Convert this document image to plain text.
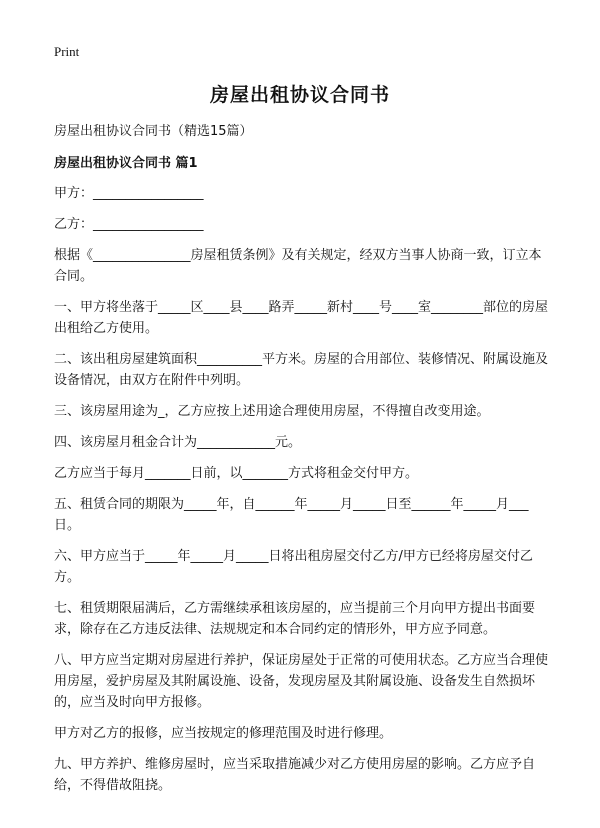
Print
房屋出租协议合同书

房屋出租协议合同书（精选15篇）

房屋出租协议合同书 篇1

甲方：_________________

乙方：_________________

根据《_______________房屋租赁条例》及有关规定，经双方当事人协商一致，订立本合同。

一、甲方将坐落于_____区____县____路弄_____新村____号____室________部位的房屋出租给乙方使用。

二、该出租房屋建筑面积__________平方米。房屋的合用部位、装修情况、附属设施及设备情况，由双方在附件中列明。

三、该房屋用途为_，乙方应按上述用途合理使用房屋，不得擅自改变用途。

四、该房屋月租金合计为____________元。

乙方应当于每月_______日前，以_______方式将租金交付甲方。

五、租赁合同的期限为_____年，自______年_____月_____日至______年_____月___日。

六、甲方应当于_____年_____月_____日将出租房屋交付乙方/甲方已经将房屋交付乙方。

七、租赁期限届满后，乙方需继续承租该房屋的，应当提前三个月向甲方提出书面要求，除存在乙方违反法律、法规规定和本合同约定的情形外，甲方应予同意。

八、甲方应当定期对房屋进行养护，保证房屋处于正常的可使用状态。乙方应当合理使用房屋，爱护房屋及其附属设施、设备，发现房屋及其附属设施、设备发生自然损坏的，应当及时向甲方报修。

甲方对乙方的报修，应当按规定的修理范围及时进行修理。

九、甲方养护、维修房屋时，应当采取措施减少对乙方使用房屋的影响。乙方应予自给，不得借故阻挠。
